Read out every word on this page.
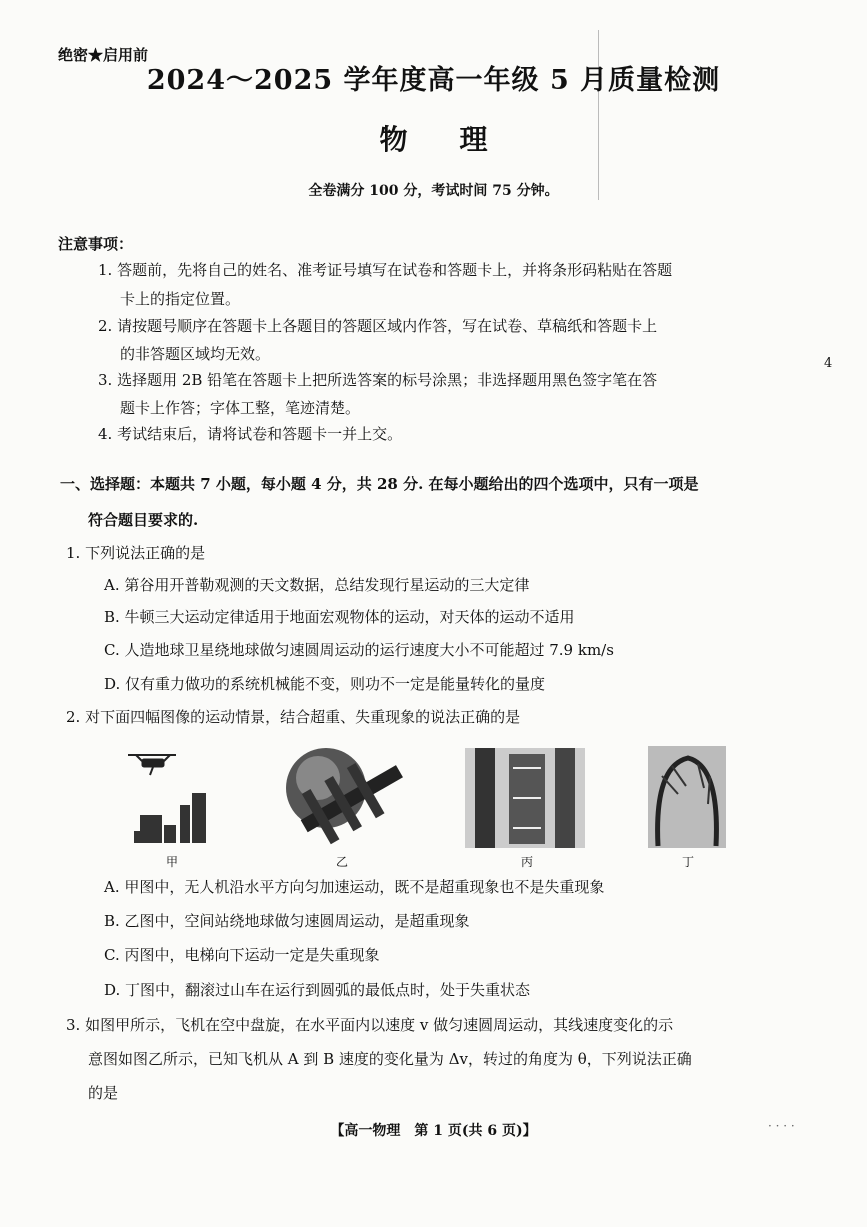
绝密★启用前
2024～2025 学年度高一年级 5 月质量检测
物理
全卷满分 100 分，考试时间 75 分钟。
注意事项：
1. 答题前，先将自己的姓名、准考证号填写在试卷和答题卡上，并将条形码粘贴在答题
卡上的指定位置。
2. 请按题号顺序在答题卡上各题目的答题区域内作答，写在试卷、草稿纸和答题卡上
的非答题区域均无效。
3. 选择题用 2B 铅笔在答题卡上把所选答案的标号涂黑；非选择题用黑色签字笔在答
题卡上作答；字体工整，笔迹清楚。
4. 考试结束后，请将试卷和答题卡一并上交。
4
一、选择题：本题共 7 小题，每小题 4 分，共 28 分. 在每小题给出的四个选项中，只有一项是
符合题目要求的.
1. 下列说法正确的是
A. 第谷用开普勒观测的天文数据，总结发现行星运动的三大定律
B. 牛顿三大运动定律适用于地面宏观物体的运动，对天体的运动不适用
C. 人造地球卫星绕地球做匀速圆周运动的运行速度大小不可能超过 7.9 km/s
D. 仅有重力做功的系统机械能不变，则功不一定是能量转化的量度
2. 对下面四幅图像的运动情景，结合超重、失重现象的说法正确的是
甲	乙	丙	丁
A. 甲图中，无人机沿水平方向匀加速运动，既不是超重现象也不是失重现象
B. 乙图中，空间站绕地球做匀速圆周运动，是超重现象
C. 丙图中，电梯向下运动一定是失重现象
D. 丁图中，翻滚过山车在运行到圆弧的最低点时，处于失重状态
3. 如图甲所示，飞机在空中盘旋，在水平面内以速度 v 做匀速圆周运动，其线速度变化的示
意图如图乙所示，已知飞机从 A 到 B 速度的变化量为 Δv，转过的角度为 θ，下列说法正确
的是
【高一物理　第 1 页(共 6 页)】	· · · ·
